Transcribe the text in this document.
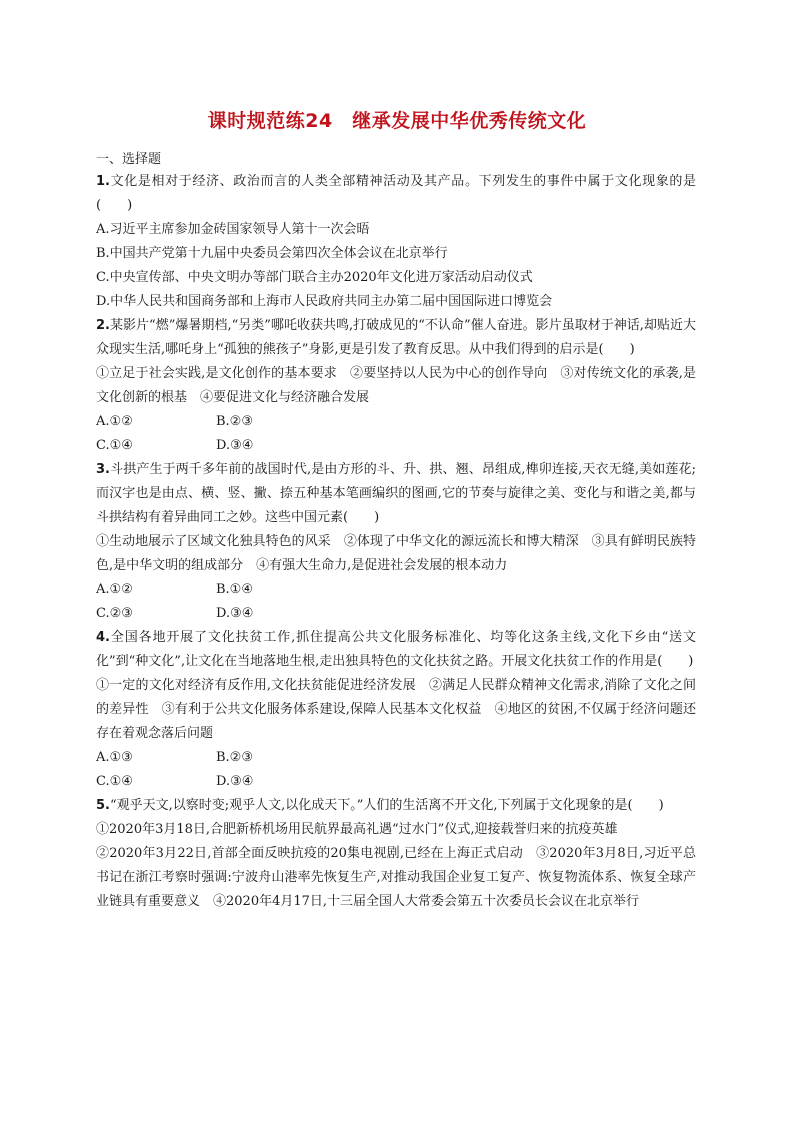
课时规范练24　继承发展中华优秀传统文化
一、选择题

1.文化是相对于经济、政治而言的人类全部精神活动及其产品。下列发生的事件中属于文化现象的是(　　)

A.习近平主席参加金砖国家领导人第十一次会晤

B.中国共产党第十九届中央委员会第四次全体会议在北京举行

C.中央宣传部、中央文明办等部门联合主办2020年文化进万家活动启动仪式

D.中华人民共和国商务部和上海市人民政府共同主办第二届中国国际进口博览会

2.某影片“燃”爆暑期档,“另类”哪吒收获共鸣,打破成见的“不认命”催人奋进。影片虽取材于神话,却贴近大众现实生活,哪吒身上“孤独的熊孩子”身影,更是引发了教育反思。从中我们得到的启示是(　　)

①立足于社会实践,是文化创作的基本要求　②要坚持以人民为中心的创作导向　③对传统文化的承袭,是文化创新的根基　④要促进文化与经济融合发展

A.①②	B.②③

C.①④	D.③④

3.斗拱产生于两千多年前的战国时代,是由方形的斗、升、拱、翘、昂组成,榫卯连接,天衣无缝,美如莲花;而汉字也是由点、横、竖、撇、捺五种基本笔画编织的图画,它的节奏与旋律之美、变化与和谐之美,都与斗拱结构有着异曲同工之妙。这些中国元素(　　)

①生动地展示了区域文化独具特色的风采　②体现了中华文化的源远流长和博大精深　③具有鲜明民族特色,是中华文明的组成部分　④有强大生命力,是促进社会发展的根本动力

A.①②	B.①④

C.②③	D.③④

4.全国各地开展了文化扶贫工作,抓住提高公共文化服务标准化、均等化这条主线,文化下乡由“送文化”到“种文化”,让文化在当地落地生根,走出独具特色的文化扶贫之路。开展文化扶贫工作的作用是(　　)

①一定的文化对经济有反作用,文化扶贫能促进经济发展　②满足人民群众精神文化需求,消除了文化之间的差异性　③有利于公共文化服务体系建设,保障人民基本文化权益　④地区的贫困,不仅属于经济问题还存在着观念落后问题

A.①③	B.②③

C.①④	D.③④

5.“观乎天文,以察时变;观乎人文,以化成天下。”人们的生活离不开文化,下列属于文化现象的是(　　)

①2020年3月18日,合肥新桥机场用民航界最高礼遇“过水门”仪式,迎接载誉归来的抗疫英雄

②2020年3月22日,首部全面反映抗疫的20集电视剧,已经在上海正式启动　③2020年3月8日,习近平总书记在浙江考察时强调:宁波舟山港率先恢复生产,对推动我国企业复工复产、恢复物流体系、恢复全球产业链具有重要意义　④2020年4月17日,十三届全国人大常委会第五十次委员长会议在北京举行
